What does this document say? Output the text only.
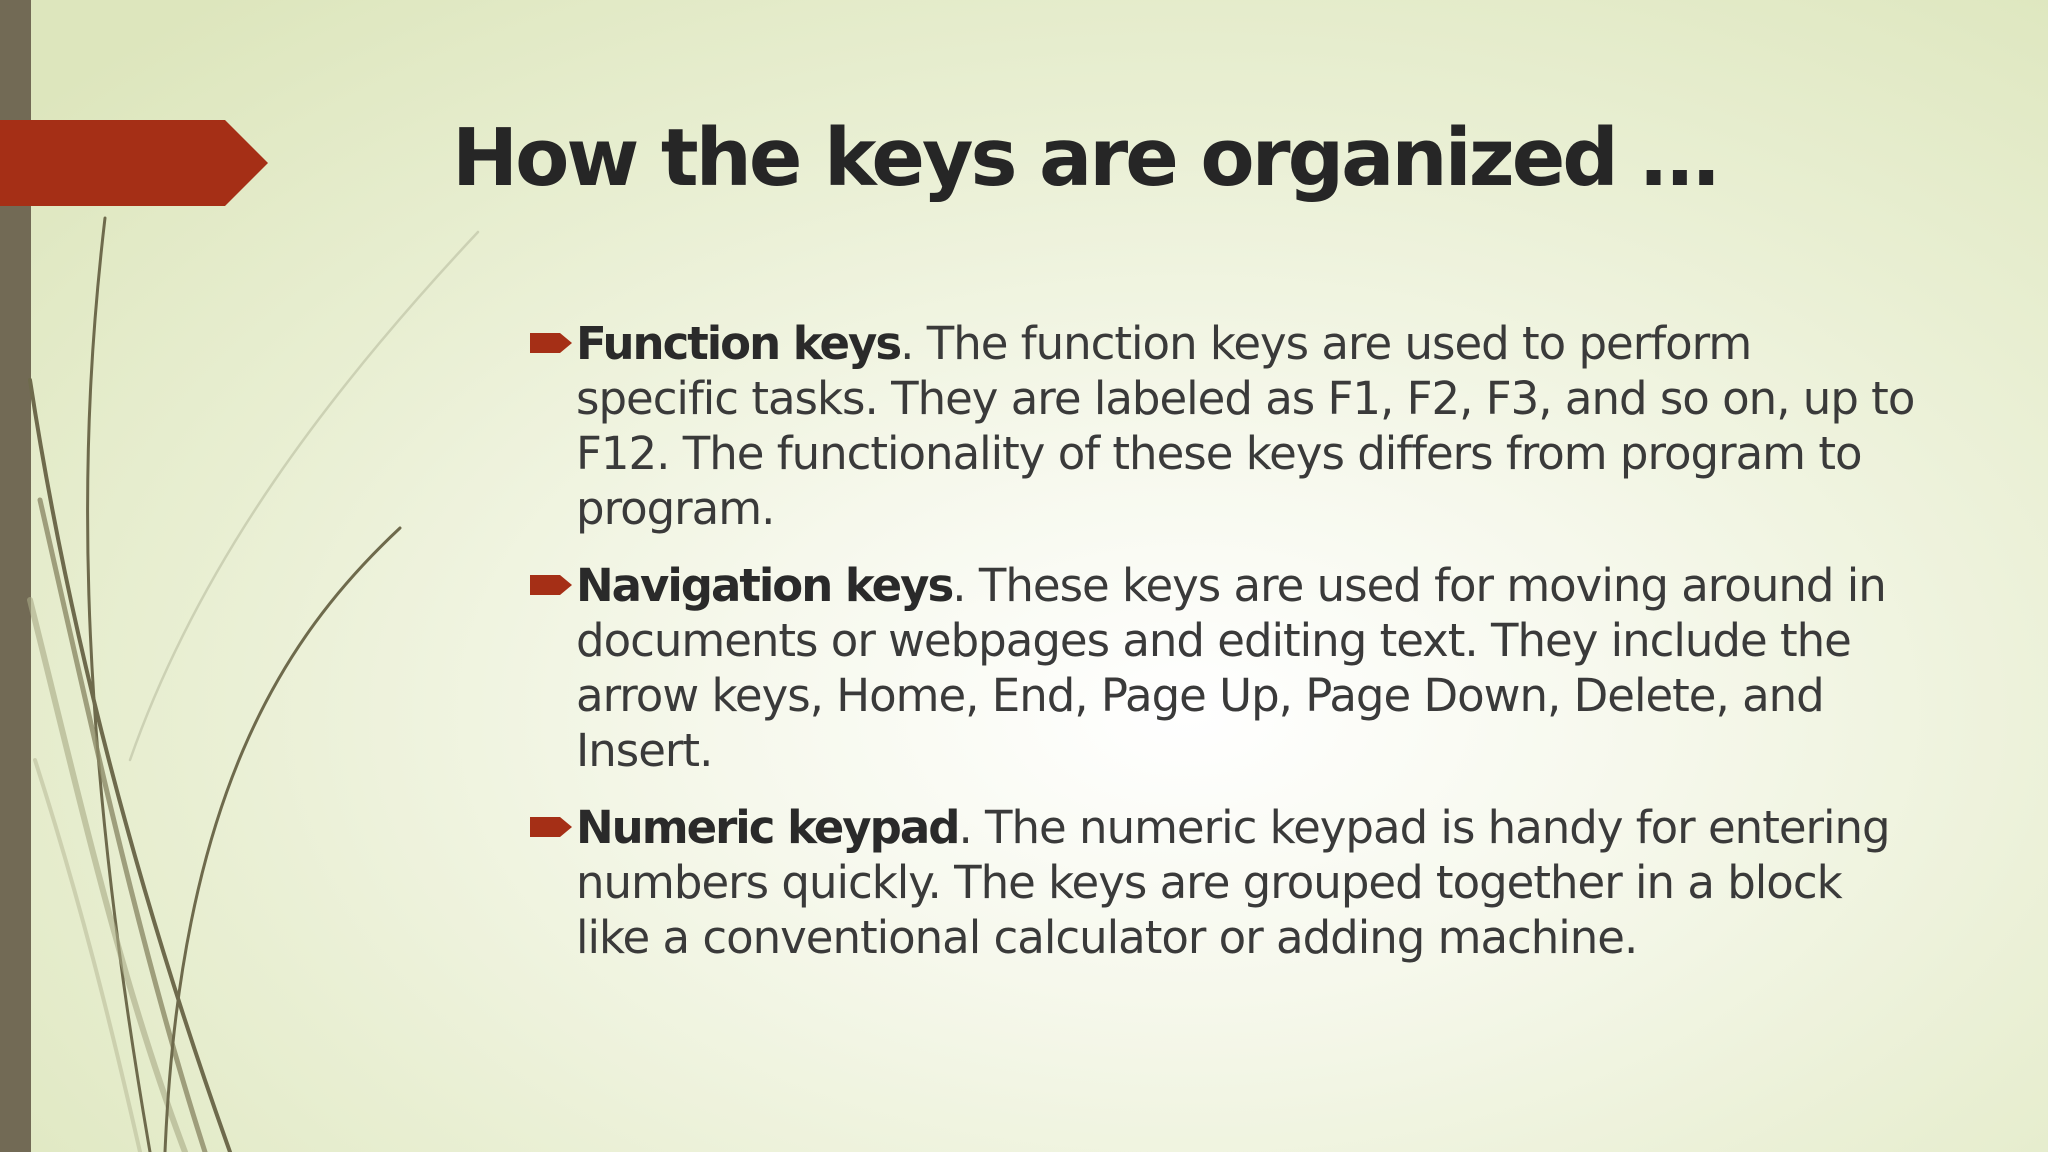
How the keys are organized …
Function keys. The function keys are used to perform specific tasks. They are labeled as F1, F2, F3, and so on, up to F12. The functionality of these keys differs from program to program.
Navigation keys. These keys are used for moving around in documents or webpages and editing text. They include the arrow keys, Home, End, Page Up, Page Down, Delete, and Insert.
Numeric keypad. The numeric keypad is handy for entering numbers quickly. The keys are grouped together in a block like a conventional calculator or adding machine.
